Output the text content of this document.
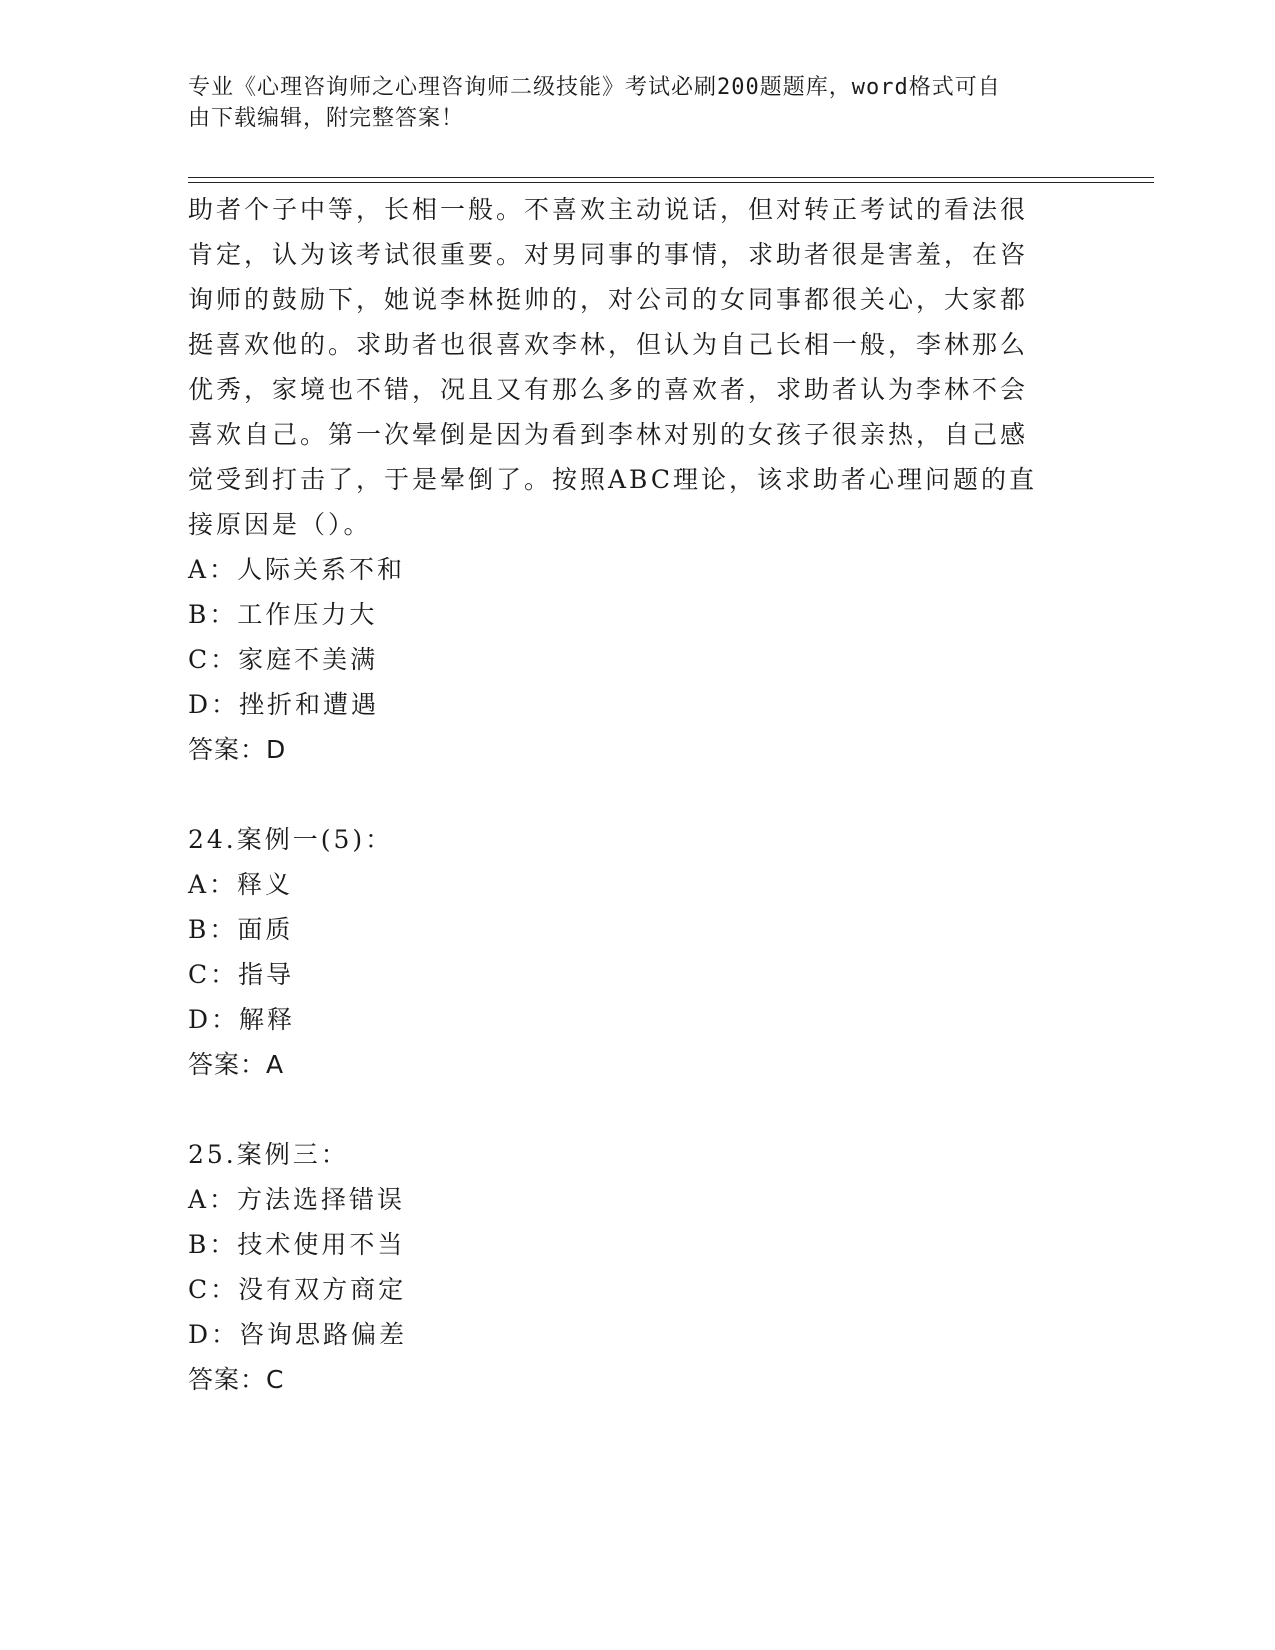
专业《心理咨询师之心理咨询师二级技能》考试必刷200题题库，word格式可自
由下载编辑，附完整答案！
助者个子中等，长相一般。不喜欢主动说话，但对转正考试的看法很
肯定，认为该考试很重要。对男同事的事情，求助者很是害羞，在咨
询师的鼓励下，她说李林挺帅的，对公司的女同事都很关心，大家都
挺喜欢他的。求助者也很喜欢李林，但认为自己长相一般，李林那么
优秀，家境也不错，况且又有那么多的喜欢者，求助者认为李林不会
喜欢自己。第一次晕倒是因为看到李林对别的女孩子很亲热，自己感
觉受到打击了，于是晕倒了。按照ABC理论，该求助者心理问题的直
接原因是（）。
A：人际关系不和
B：工作压力大
C：家庭不美满
D：挫折和遭遇
答案：D
24.案例一(5)：
A：释义
B：面质
C：指导
D：解释
答案：A
25.案例三：
A：方法选择错误
B：技术使用不当
C：没有双方商定
D：咨询思路偏差
答案：C
